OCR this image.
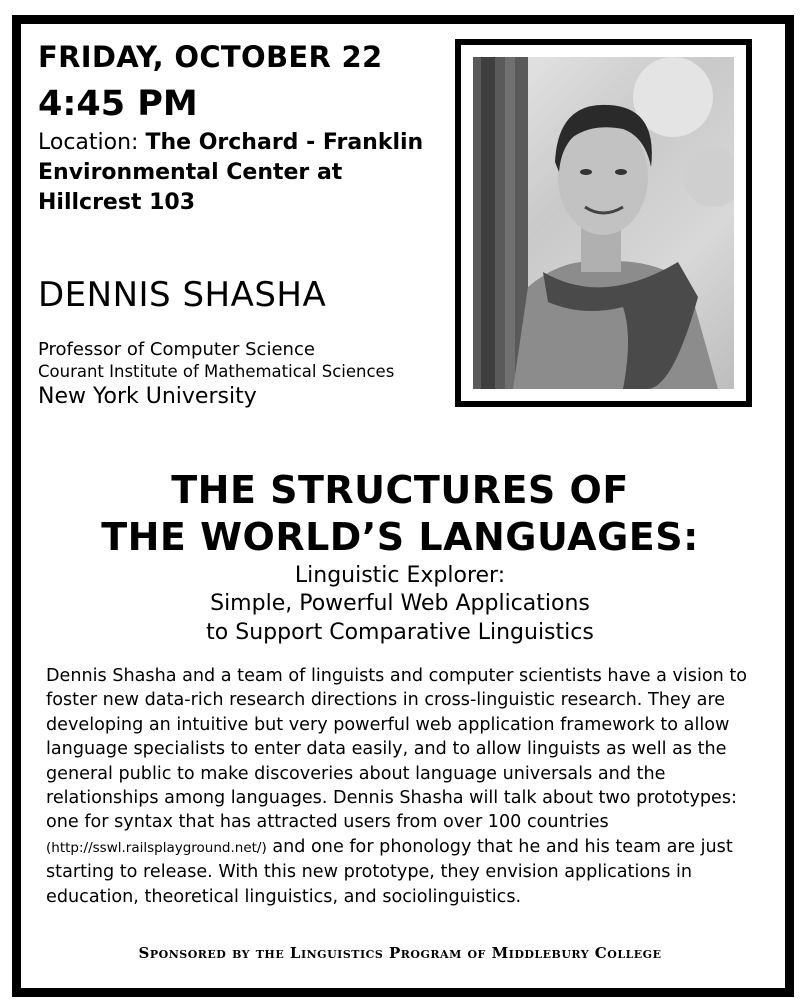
FRIDAY, OCTOBER 22
4:45 PM
Location: The Orchard - Franklin Environmental Center at Hillcrest 103
DENNIS SHASHA
Professor of Computer Science
Courant Institute of Mathematical Sciences
New York University
THE STRUCTURES OF
THE WORLD’S LANGUAGES:
Linguistic Explorer:
Simple, Powerful Web Applications
to Support Comparative Linguistics
Dennis Shasha and a team of linguists and computer scientists have a vision to foster new data-rich research directions in cross-linguistic research. They are developing an intuitive but very powerful web application framework to allow language specialists to enter data easily, and to allow linguists as well as the general public to make discoveries about language universals and the relationships among languages. Dennis Shasha will talk about two prototypes: one for syntax that has attracted users from over 100 countries (http://sswl.railsplayground.net/) and one for phonology that he and his team are just starting to release. With this new prototype, they envision applications in education, theoretical linguistics, and sociolinguistics.
Sponsored by the Linguistics Program of Middlebury College
